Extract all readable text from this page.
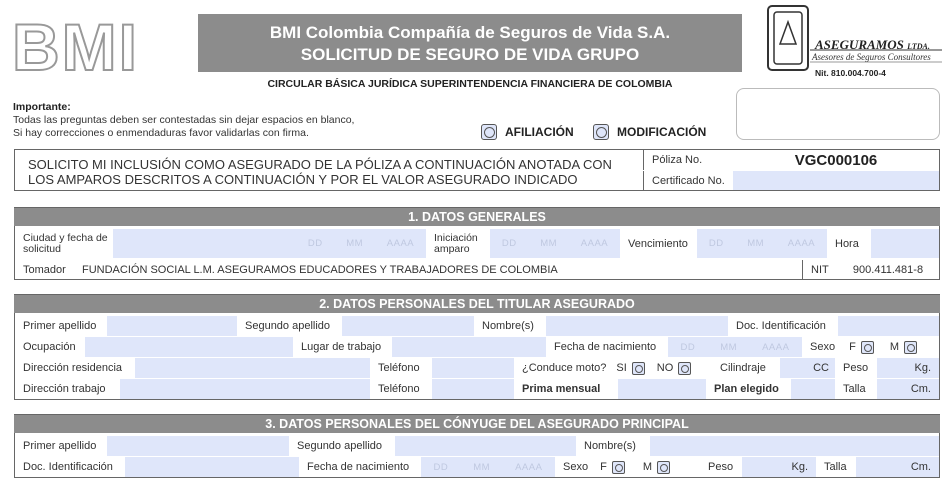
BMI	BMI Colombia Compañía de Seguros de Vida S.A.
SOLICITUD DE SEGURO DE VIDA GRUPO
CIRCULAR BÁSICA JURÍDICA SUPERINTENDENCIA FINANCIERA DE COLOMBIA
ASEGURAMOS LTDA.
Asesores de Seguros Consultores
Nit. 810.004.700-4
Importante:
Todas las preguntas deben ser contestadas sin dejar espacios en blanco,
Si hay correcciones o enmendaduras favor validarlas con firma.	AFILIACIÓN	MODIFICACIÓN
SOLICITO MI INCLUSIÓN COMO ASEGURADO DE LA PÓLIZA A CONTINUACIÓN ANOTADA CON LOS AMPAROS DESCRITOS A CONTINUACIÓN Y POR EL VALOR ASEGURADO INDICADO
Póliza No.	VGC000106
Certificado No.
1. DATOS GENERALES
Ciudad y fecha de solicitud	DD MM AAAA	Iniciación amparo	DD MM AAAA	Vencimiento	DD MM AAAA	Hora
Tomador	FUNDACIÓN SOCIAL L.M. ASEGURAMOS EDUCADORES Y TRABAJADORES DE COLOMBIA	NIT	900.411.481-8
2. DATOS PERSONALES DEL TITULAR ASEGURADO
Primer apellido	Segundo apellido	Nombre(s)	Doc. Identificación
Ocupación	Lugar de trabajo	Fecha de nacimiento	DD	MM	AAAA Sexo F	M
Dirección residencia	Teléfono	¿Conduce moto? SI	NO	Cilindraje	CC	Peso	Kg.
Dirección trabajo	Teléfono	Prima mensual	Plan elegido	Talla	Cm.
3. DATOS PERSONALES DEL CÓNYUGE DEL ASEGURADO PRINCIPAL
Primer apellido	Segundo apellido	Nombre(s)
Doc. Identificación	Fecha de nacimiento	DD	MM	AAAA Sexo F	M	Peso	Kg.	Talla	Cm.
